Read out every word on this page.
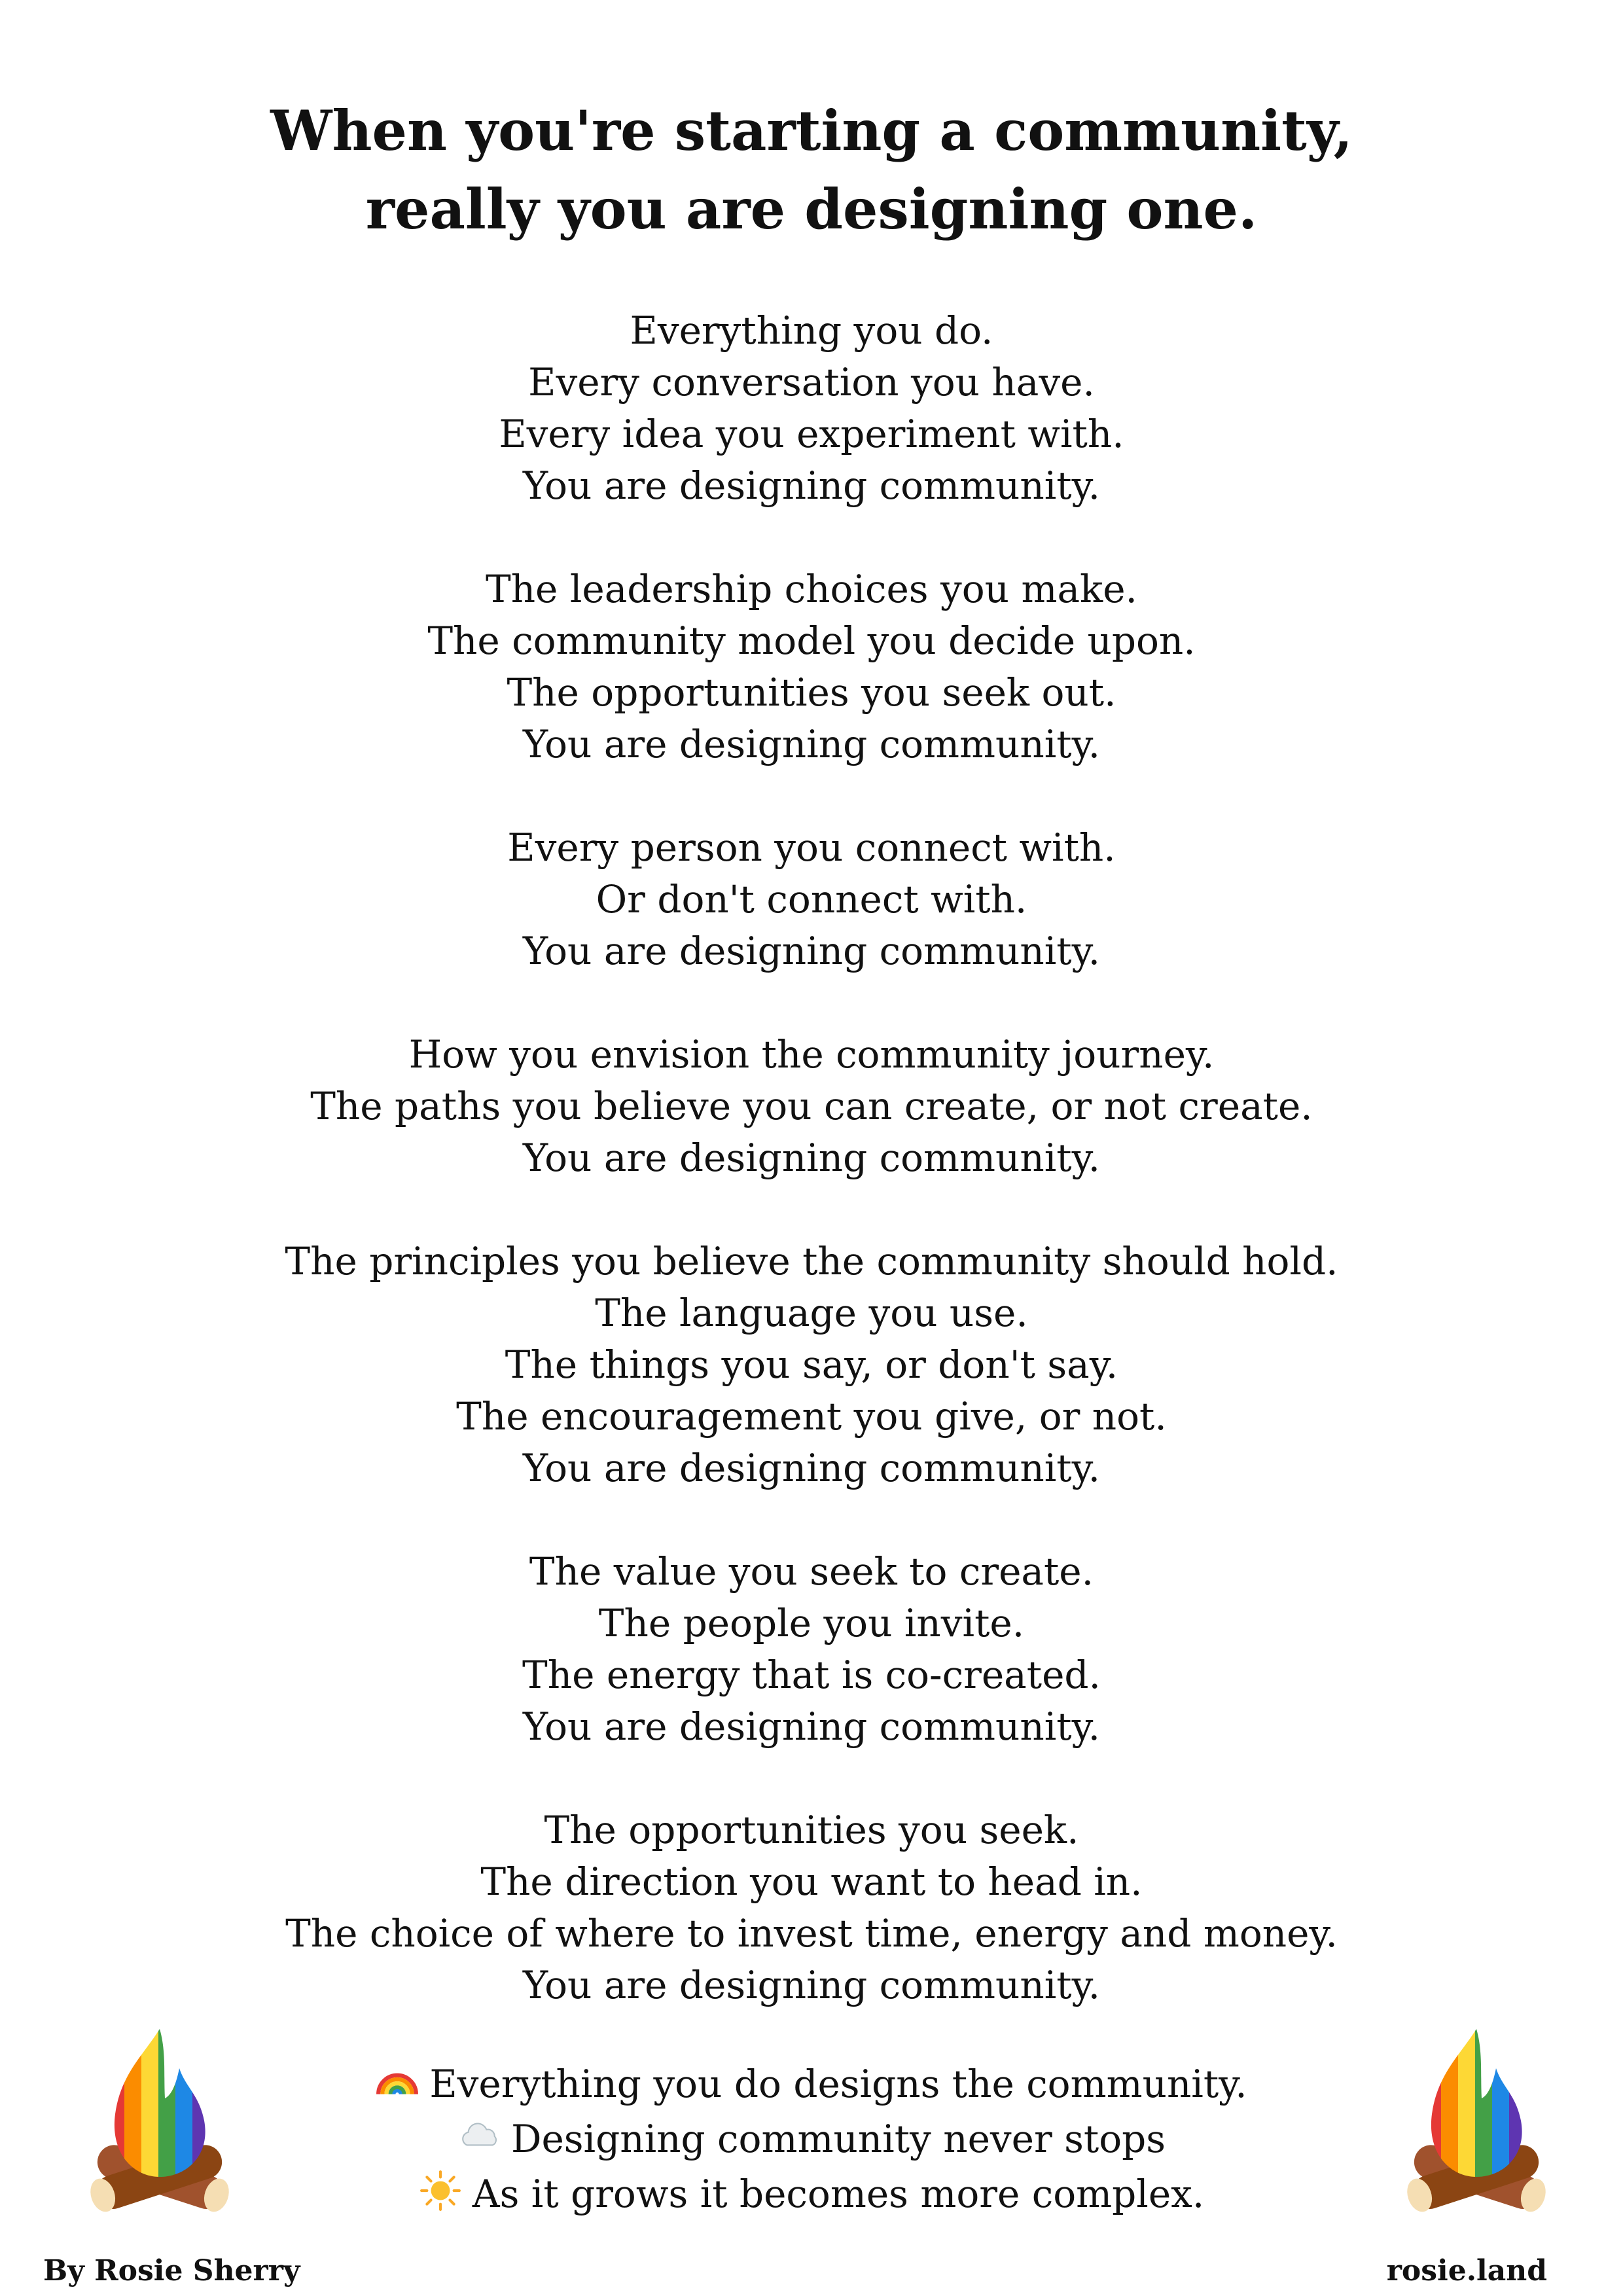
When you're starting a community,
really you are designing one.
Everything you do.
Every conversation you have.
Every idea you experiment with.
You are designing community.
The leadership choices you make.
The community model you decide upon.
The opportunities you seek out.
You are designing community.
Every person you connect with.
Or don't connect with.
You are designing community.
How you envision the community journey.
The paths you believe you can create, or not create.
You are designing community.
The principles you believe the community should hold.
The language you use.
The things you say, or don't say.
The encouragement you give, or not.
You are designing community.
The value you seek to create.
The people you invite.
The energy that is co-created.
You are designing community.
The opportunities you seek.
The direction you want to head in.
The choice of where to invest time, energy and money.
You are designing community.
Everything you do designs the community.
Designing community never stops
As it grows it becomes more complex.
By Rosie Sherry	rosie.land
